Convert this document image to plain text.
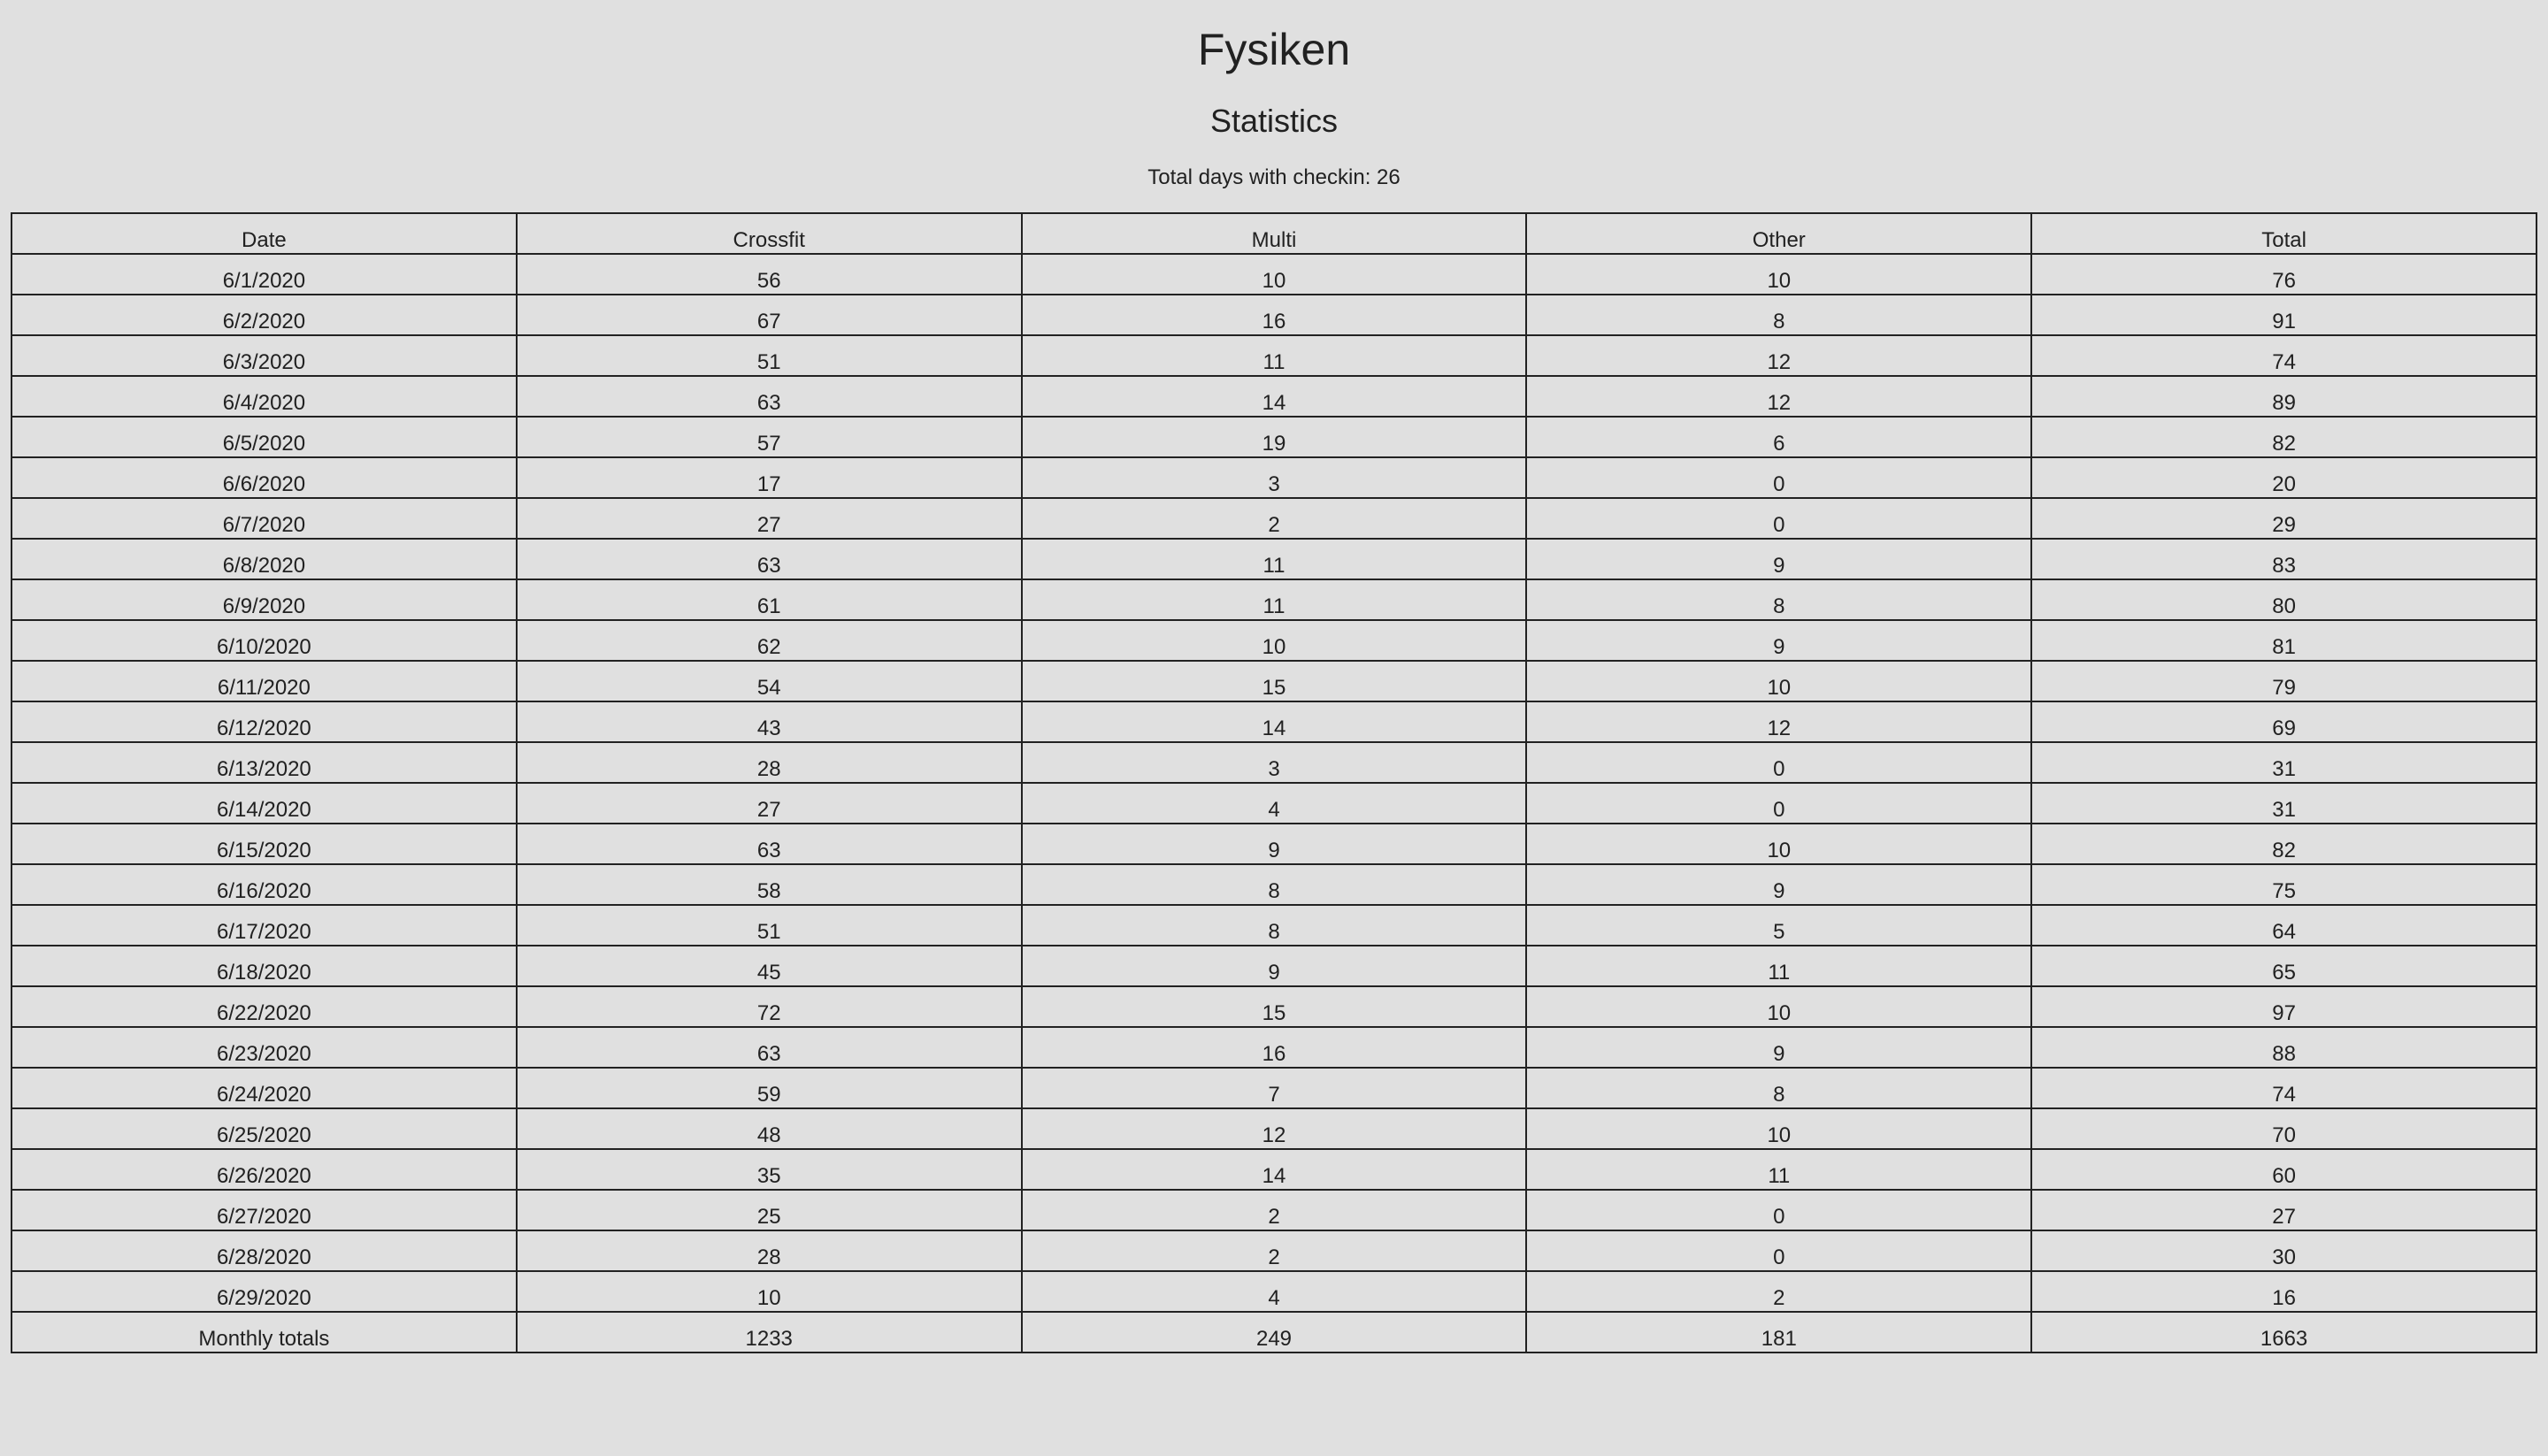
Fysiken
Statistics

Total days with checkin: 26

Date	Crossfit	Multi	Other	Total
6/1/2020	56	10	10	76
6/2/2020	67	16	8	91
6/3/2020	51	11	12	74
6/4/2020	63	14	12	89
6/5/2020	57	19	6	82
6/6/2020	17	3	0	20
6/7/2020	27	2	0	29
6/8/2020	63	11	9	83
6/9/2020	61	11	8	80
6/10/2020	62	10	9	81
6/11/2020	54	15	10	79
6/12/2020	43	14	12	69
6/13/2020	28	3	0	31
6/14/2020	27	4	0	31
6/15/2020	63	9	10	82
6/16/2020	58	8	9	75
6/17/2020	51	8	5	64
6/18/2020	45	9	11	65
6/22/2020	72	15	10	97
6/23/2020	63	16	9	88
6/24/2020	59	7	8	74
6/25/2020	48	12	10	70
6/26/2020	35	14	11	60
6/27/2020	25	2	0	27
6/28/2020	28	2	0	30
6/29/2020	10	4	2	16
Monthly totals	1233	249	181	1663
